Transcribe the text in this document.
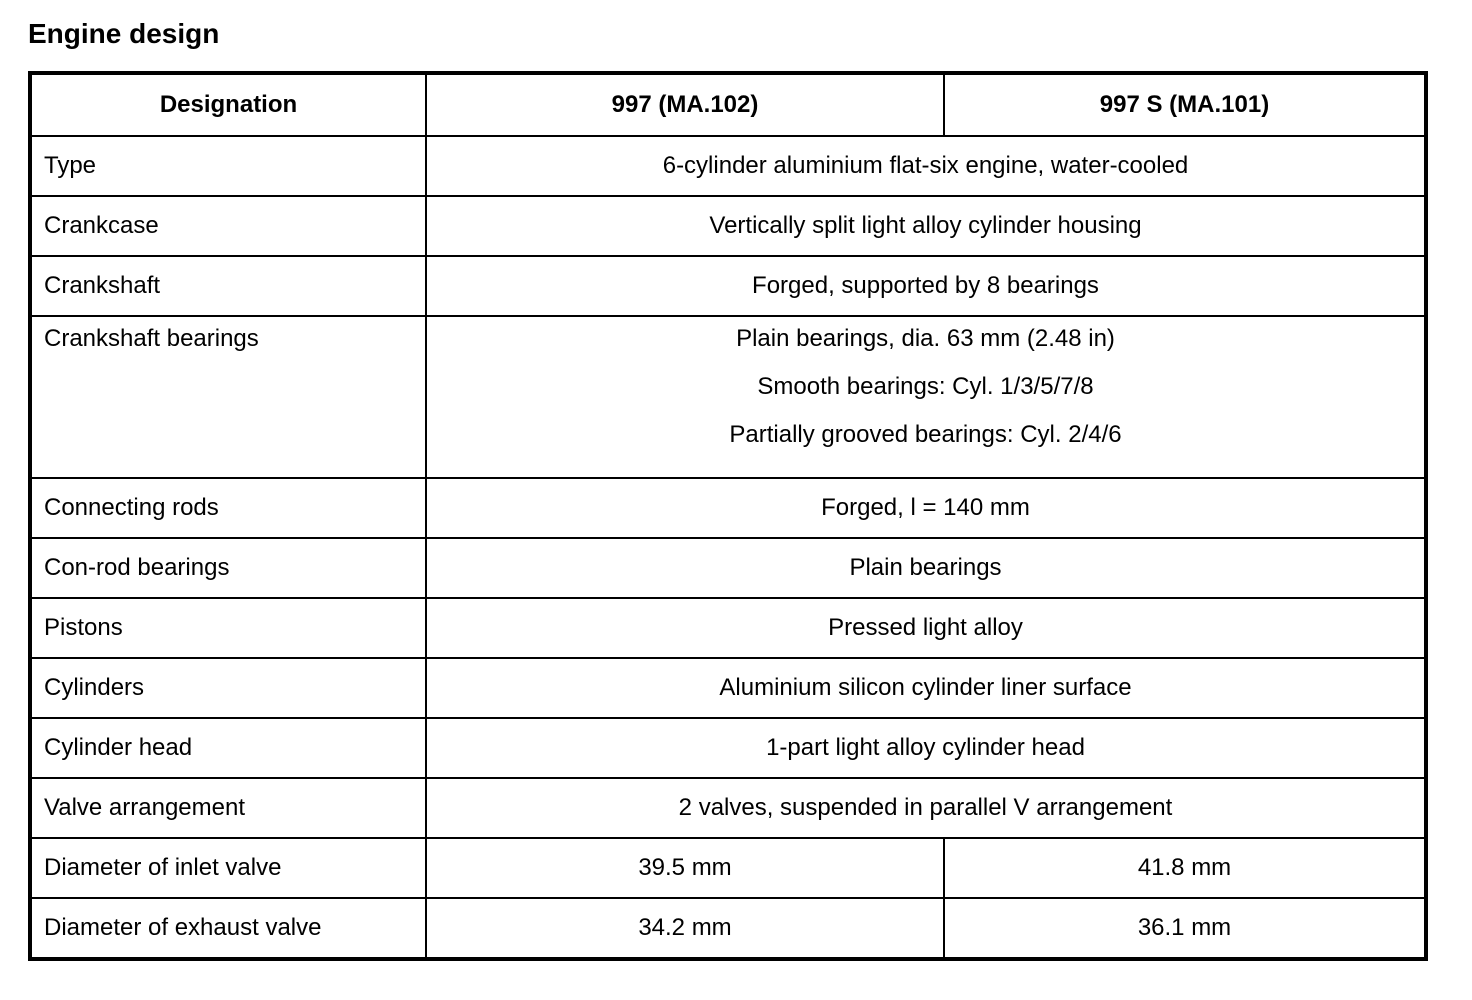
Engine design
Designation	997 (MA.102)	997 S (MA.101)
Type	6-cylinder aluminium flat-six engine, water-cooled	
Crankcase	Vertically split light alloy cylinder housing	
Crankshaft	Forged, supported by 8 bearings	
Crankshaft bearings	Plain bearings, dia. 63 mm (2.48 in)
Smooth bearings: Cyl. 1/3/5/7/8
Partially grooved bearings: Cyl. 2/4/6	

Connecting rods	Forged, l = 140 mm	
Con-rod bearings	Plain bearings	
Pistons	Pressed light alloy	
Cylinders	Aluminium silicon cylinder liner surface	
Cylinder head	1-part light alloy cylinder head	
Valve arrangement	2 valves, suspended in parallel V arrangement	
Diameter of inlet valve	39.5 mm	41.8 mm
Diameter of exhaust valve	34.2 mm	36.1 mm
